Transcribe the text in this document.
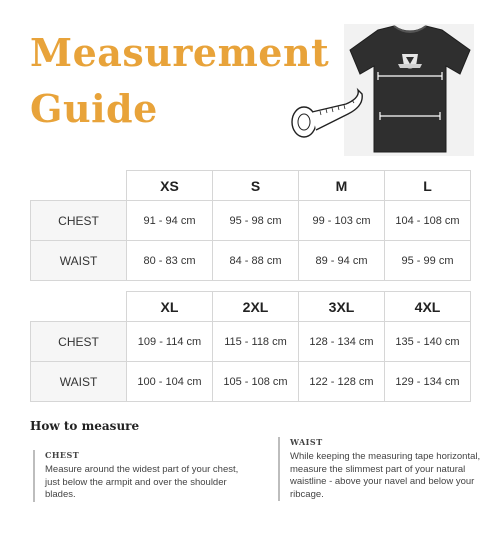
Measurement
Guide
	XS	S	M	L
CHEST	91 - 94 cm	95 - 98 cm	99 - 103 cm	104 - 108 cm
WAIST	80 - 83 cm	84 - 88 cm	89 - 94 cm	95 - 99 cm
	XL	2XL	3XL	4XL
CHEST	109 - 114 cm	115 - 118 cm	128 - 134 cm	135 - 140 cm
WAIST	100 - 104 cm	105 - 108 cm	122 - 128 cm	129 - 134 cm
How to measure

CHEST

Measure around the widest part of your chest, just below the armpit and over the shoulder blades.

WAIST

While keeping the measuring tape horizontal, measure the slimmest part of your natural waistline - above your navel and below your ribcage.
